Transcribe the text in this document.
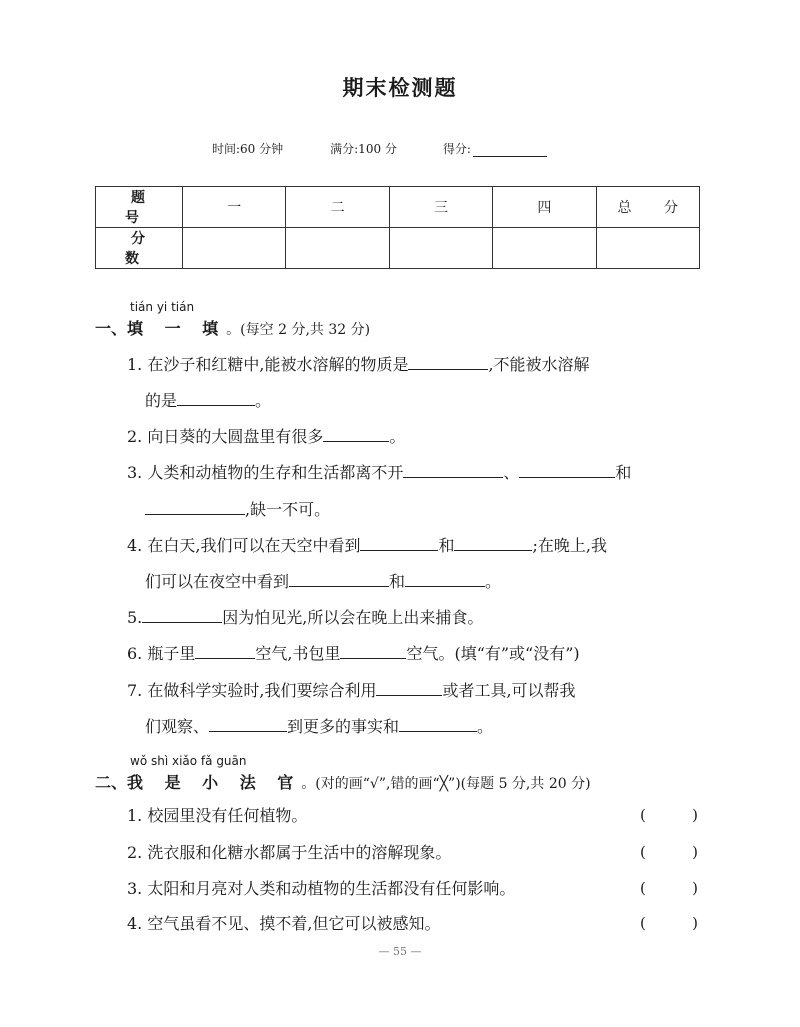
期末检测题
时间:60 分钟	满分:100 分	得分:
题 号	一	二	三	四	总 分
分 数					
tián yi tián
一、填 一 填。(每空 2 分,共 32 分)
1. 在沙子和红糖中,能被水溶解的物质是	,不能被水溶解
的是	。
2. 向日葵的大圆盘里有很多	。
3. 人类和动植物的生存和生活都离不开	、	和
,缺一不可。
4. 在白天,我们可以在天空中看到	和	;在晚上,我
们可以在夜空中看到	和	。
5.	因为怕见光,所以会在晚上出来捕食。
6. 瓶子里	空气,书包里	空气。(填“有”或“没有”)
7. 在做科学实验时,我们要综合利用	或者工具,可以帮我
们观察、	到更多的事实和	。
wǒ shì xiǎo fǎ guān
二、我 是 小 法 官。(对的画“√”,错的画“╳”)(每题 5 分,共 20 分)
1. 校园里没有任何植物。	(	)
2. 洗衣服和化糖水都属于生活中的溶解现象。	(	)
3. 太阳和月亮对人类和动植物的生活都没有任何影响。	(	)
4. 空气虽看不见、摸不着,但它可以被感知。	(	)
— 55 —
